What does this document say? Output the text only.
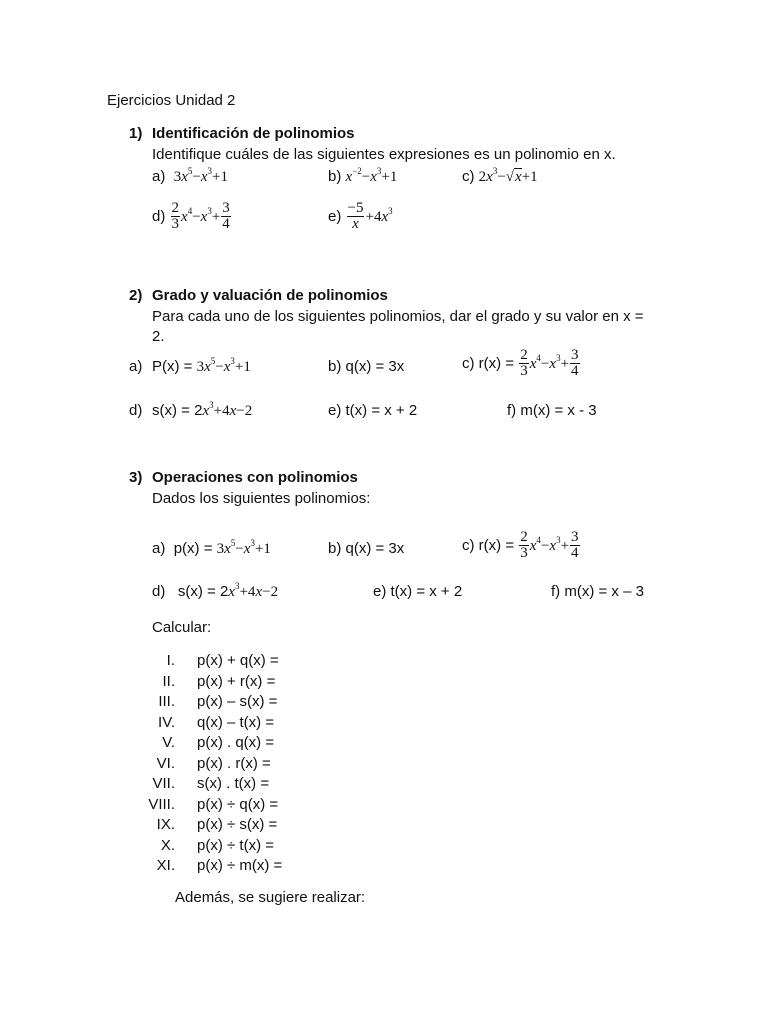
Ejercicios Unidad 2
1) Identificación de polinomios
Identifique cuáles de las siguientes expresiones es un polinomio en x.
a) $3x^5-x^3+1$	b) $x^{-2}-x^3+1$	c) $2x^3-√x+1$
d)
$\frac{2}{3} x^4-x^3+ \frac{3}{4}$	e)
$\frac{-5}{x} +4x^3$
2) Grado y valuación de polinomios
Para cada uno de los siguientes polinomios, dar el grado y su valor en x =
2.
a) $P(x) = 3x^5-x^3+1$	b) q(x) = 3x	c) r(x) =
$\frac{2}{3} x^4-x^3+ \frac{3}{4}$
d) $s(x) = 2x^3+4x-2$	e) t(x) = x + 2	f) m(x) = x - 3
3) Operaciones con polinomios
Dados los siguientes polinomios:
a) $p(x) = 3x^5-x^3+1$	b) q(x) = 3x	c) r(x) =
$\frac{2}{3} x^4-x^3+ \frac{3}{4}$
d) $s(x) = 2x^3+4x-2$	e) t(x) = x + 2	f) m(x) = x – 3
Calcular:
I. p(x) + q(x) =
II. p(x) + r(x) =
III. p(x) – s(x) =
IV. q(x) – t(x) =
V. p(x) . q(x) =
VI. p(x) . r(x) =
VII. s(x) . t(x) =
VIII. p(x) ÷ q(x) =
IX. p(x) ÷ s(x) =
X. p(x) ÷ t(x) =
XI. p(x) ÷ m(x) =
Además, se sugiere realizar:
